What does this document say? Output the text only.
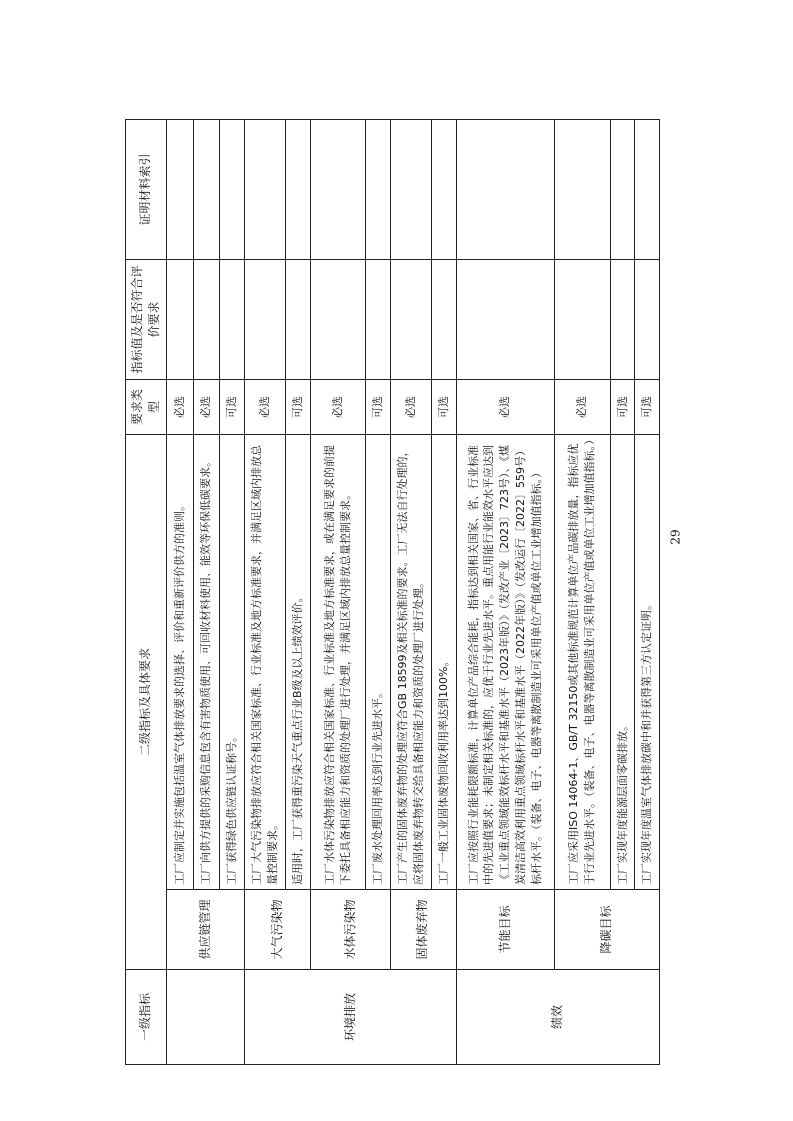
一级指标	二级指标及具体要求		要求类型	指标值及是否符合评价要求	证明材料索引
	供应链管理	工厂应制定并实施包括温室气体排放要求的选择、评价和重新评价供方的准则。	必选		
		工厂向供方提供的采购信息包含有害物质使用、可回收材料使用、能效等环保低碳要求。	必选		
		工厂获得绿色供应链认证称号。	可选		
环境排放	大气污染物	工厂大气污染物排放应符合相关国家标准、行业标准及地方标准要求，并满足区域内排放总量控制要求。	必选		
		适用时，工厂获得重污染天气重点行业B级及以上绩效评价。	可选		
	水体污染物	工厂水体污染物排放应符合相关国家标准、行业标准及地方标准要求，或在满足要求的前提下委托具备相应能力和资质的处理厂进行处理，并满足区域内排放总量控制要求。	必选		
		工厂废水处理回用率达到行业先进水平。	可选		
	固体废弃物	工厂产生的固体废弃物的处理应符合GB 18599及相关标准的要求。工厂无法自行处理的，应将固体废弃物转交给具备相应能力和资质的处理厂进行处理。	必选		
		工厂一般工业固体废物回收利用率达到100%。	可选		
绩效	节能目标	工厂应按照行业能耗限额标准，计算单位产品综合能耗，指标达到相关国家、省、行业标准中的先进值要求；未制定相关标准的，应优于行业先进水平。重点用能行业能效水平应达到《工业重点领域能效标杆水平和基准水平（2023年版）》（发改产业〔2023〕723号）、《煤炭清洁高效利用重点领域标杆水平和基准水平（2022年版）》（发改运行〔2022〕559号）标杆水平。（装备、电子、电器等离散制造业可采用单位产值或单位工业增加值指标。）	必选		
	降碳目标	工厂应采用ISO 14064-1、GB/T 32150或其他标准规范计算单位产品碳排放量，指标应优于行业先进水平。（装备、电子、电器等离散制造业可采用单位产值或单位工业增加值指标。）	必选		
		工厂实现年度能源层面零碳排放。	可选		
		工厂实现年度温室气体排放碳中和并获得第三方认定证明。	可选		
29
